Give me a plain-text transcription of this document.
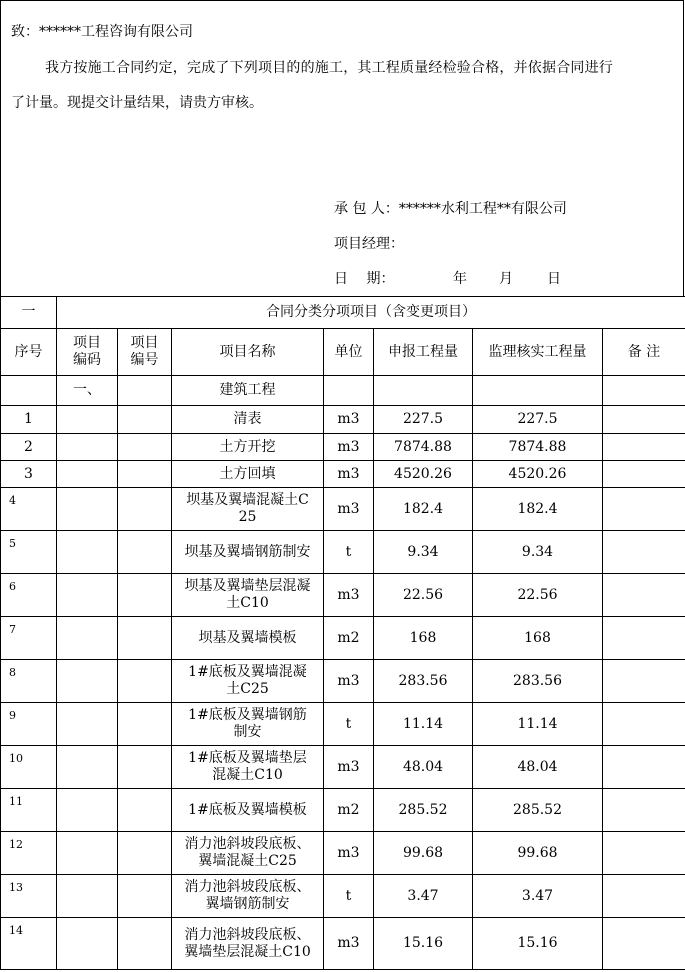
致：******工程咨询有限公司
我方按施工合同约定，完成了下列项目的的施工，其工程质量经检验合格，并依据合同进行
了计量。现提交计量结果，请贵方审核。
承 包 人：******水利工程**有限公司
项目经理：
日 期：	年 月 日
一	合同分类分项项目（含变更项目）						
序号	项目编码	项目编号	项目名称	单位	申报工程量	监理核实工程量	备 注
	一、		建筑工程				
1			清表	m3	227.5	227.5	
2			土方开挖	m3	7874.88	7874.88	
3			土方回填	m3	4520.26	4520.26	
4			坝基及翼墙混凝土C25	m3	182.4	182.4	
5			坝基及翼墙钢筋制安	t	9.34	9.34	
6			坝基及翼墙垫层混凝土C10	m3	22.56	22.56	
7			坝基及翼墙模板	m2	168	168	
8			1#底板及翼墙混凝土C25	m3	283.56	283.56	
9			1#底板及翼墙钢筋制安	t	11.14	11.14	
10			1#底板及翼墙垫层混凝土C10	m3	48.04	48.04	
11			1#底板及翼墙模板	m2	285.52	285.52	
12			消力池斜坡段底板、翼墙混凝土C25	m3	99.68	99.68	
13			消力池斜坡段底板、翼墙钢筋制安	t	3.47	3.47	
14			消力池斜坡段底板、翼墙垫层混凝土C10	m3	15.16	15.16	
